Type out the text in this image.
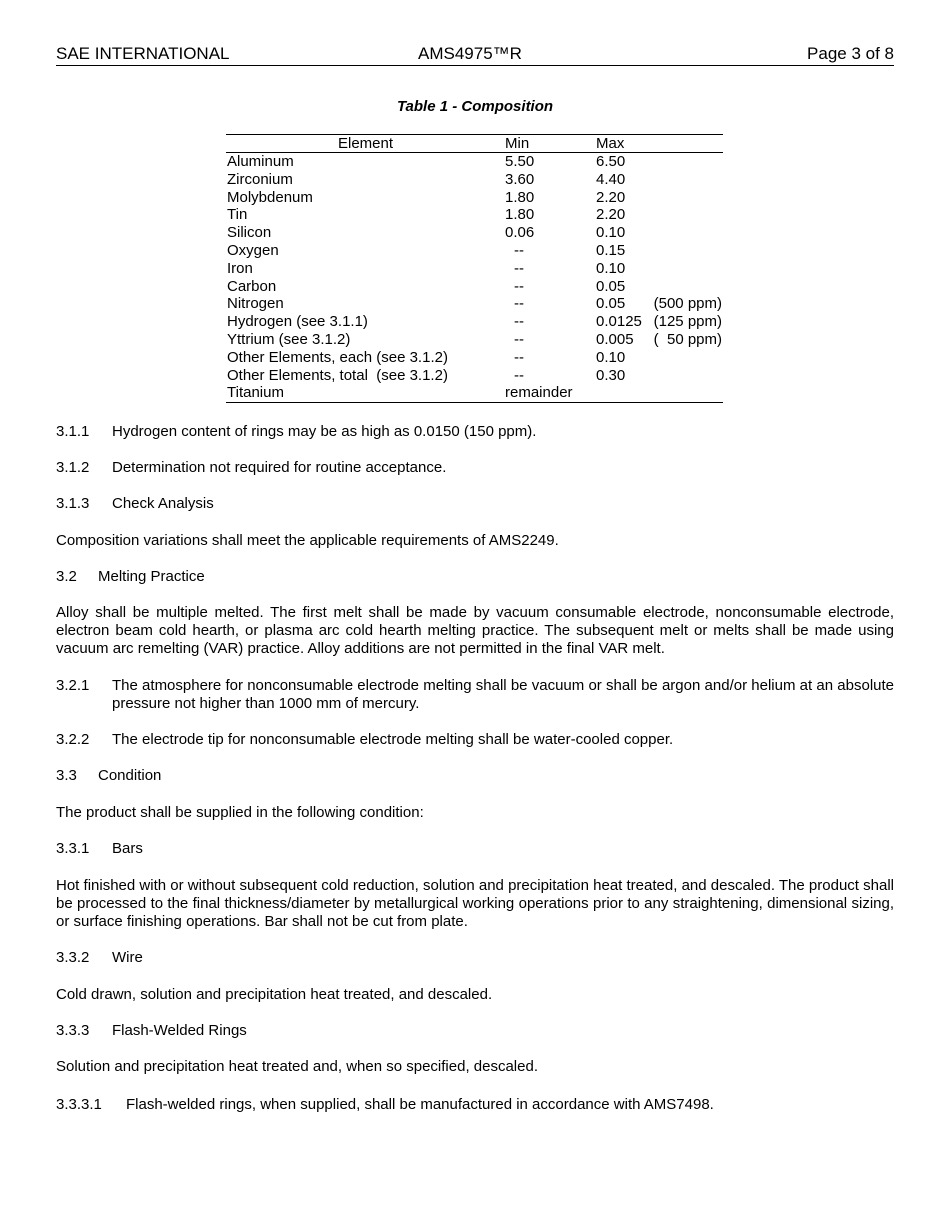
SAE INTERNATIONAL	AMS4975™R	Page 3 of 8
Table 1 - Composition
Element	Min	Max
Aluminum	5.50	6.50
Zirconium	3.60	4.40
Molybdenum	1.80	2.20
Tin	1.80	2.20
Silicon	0.06	0.10
Oxygen	--	0.15
Iron	--	0.10
Carbon	--	0.05
Nitrogen	--	0.05 (500 ppm)
Hydrogen (see 3.1.1)	--	0.0125 (125 ppm)
Yttrium (see 3.1.2)	--	0.005 (  50 ppm)
Other Elements, each (see 3.1.2)	--	0.10
Other Elements, total  (see 3.1.2)	--	0.30
Titanium	remainder
3.1.1 Hydrogen content of rings may be as high as 0.0150 (150 ppm).
3.1.2 Determination not required for routine acceptance.
3.1.3 Check Analysis
Composition variations shall meet the applicable requirements of AMS2249.
3.2 Melting Practice
Alloy shall be multiple melted. The first melt shall be made by vacuum consumable electrode, nonconsumable electrode, electron beam cold hearth, or plasma arc cold hearth melting practice. The subsequent melt or melts shall be made using vacuum arc remelting (VAR) practice. Alloy additions are not permitted in the final VAR melt.
3.2.1 The atmosphere for nonconsumable electrode melting shall be vacuum or shall be argon and/or helium at an absolute pressure not higher than 1000 mm of mercury.
3.2.2 The electrode tip for nonconsumable electrode melting shall be water-cooled copper.
3.3 Condition
The product shall be supplied in the following condition:
3.3.1 Bars
Hot finished with or without subsequent cold reduction, solution and precipitation heat treated, and descaled. The product shall be processed to the final thickness/diameter by metallurgical working operations prior to any straightening, dimensional sizing, or surface finishing operations. Bar shall not be cut from plate.
3.3.2 Wire
Cold drawn, solution and precipitation heat treated, and descaled.
3.3.3 Flash-Welded Rings
Solution and precipitation heat treated and, when so specified, descaled.
3.3.3.1 Flash-welded rings, when supplied, shall be manufactured in accordance with AMS7498.
